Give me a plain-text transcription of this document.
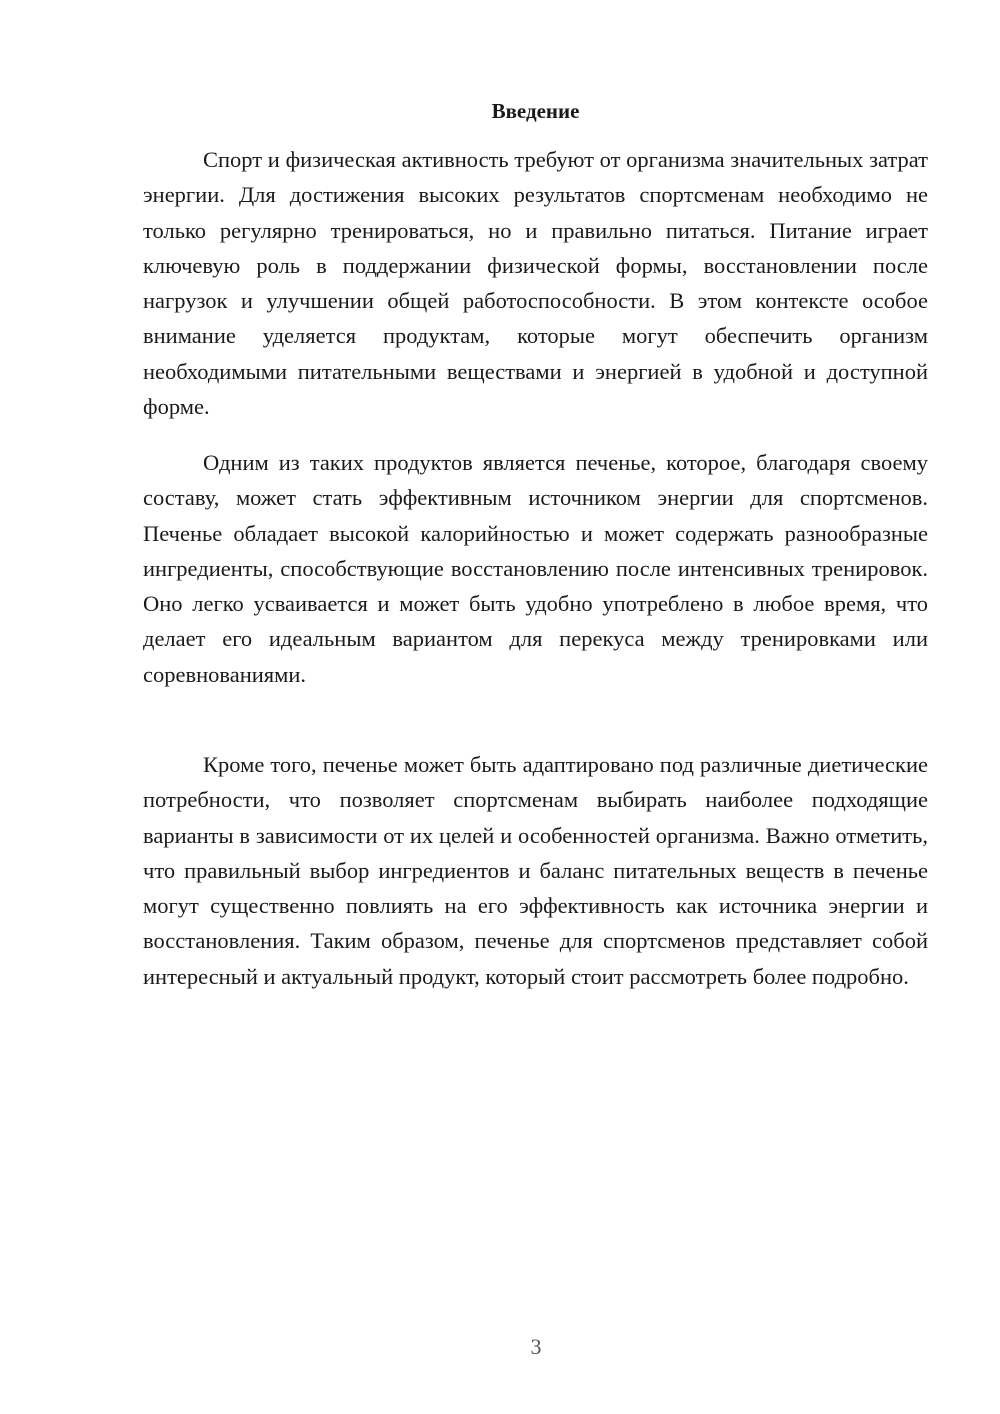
Введение

Спорт и физическая активность требуют от организма значительных затрат энергии. Для достижения высоких результатов спортсменам необходимо не только регулярно тренироваться, но и правильно питаться. Питание играет ключевую роль в поддержании физической формы, восстановлении после нагрузок и улучшении общей работоспособности. В этом контексте особое внимание уделяется продуктам, которые могут обеспечить организм необходимыми питательными веществами и энергией в удобной и доступной форме.

Одним из таких продуктов является печенье, которое, благодаря своему составу, может стать эффективным источником энергии для спортсменов. Печенье обладает высокой калорийностью и может содержать разнообразные ингредиенты, способствующие восстановлению после интенсивных тренировок. Оно легко усваивается и может быть удобно употреблено в любое время, что делает его идеальным вариантом для перекуса между тренировками или соревнованиями.

Кроме того, печенье может быть адаптировано под различные диетические потребности, что позволяет спортсменам выбирать наиболее подходящие варианты в зависимости от их целей и особенностей организма. Важно отметить, что правильный выбор ингредиентов и баланс питательных веществ в печенье могут существенно повлиять на его эффективность как источника энергии и восстановления. Таким образом, печенье для спортсменов представляет собой интересный и актуальный продукт, который стоит рассмотреть более подробно.

3
